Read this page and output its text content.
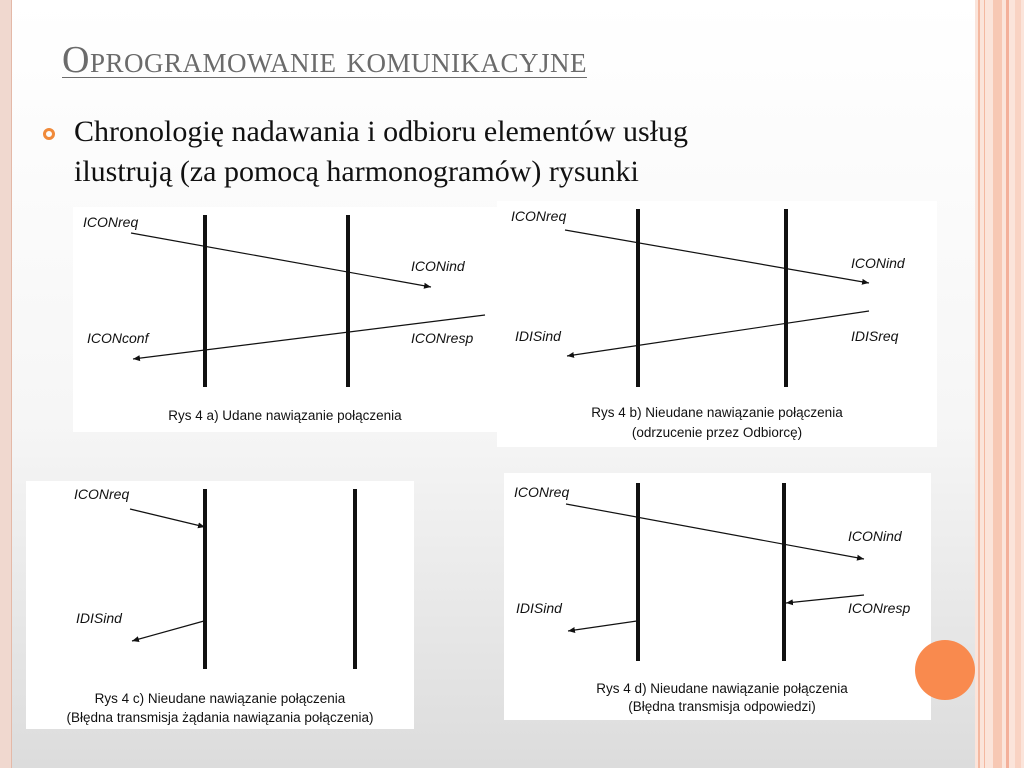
Oprogramowanie komunikacyjne
Chronologię nadawania i odbioru elementów usług
ilustrują (za pomocą harmonogramów) rysunki
ICONreq
ICONind
ICONconf	ICONresp
Rys 4 a) Udane nawiązanie połączenia
ICONreq
ICONind
IDISind	IDISreq
Rys 4 b) Nieudane nawiązanie połączenia
(odrzucenie przez Odbiorcę)
ICONreq
IDISind
Rys 4 c) Nieudane nawiązanie połączenia
(Błędna transmisja żądania nawiązania połączenia)
ICONreq
ICONind
IDISind	ICONresp
Rys 4 d) Nieudane nawiązanie połączenia
(Błędna transmisja odpowiedzi)
